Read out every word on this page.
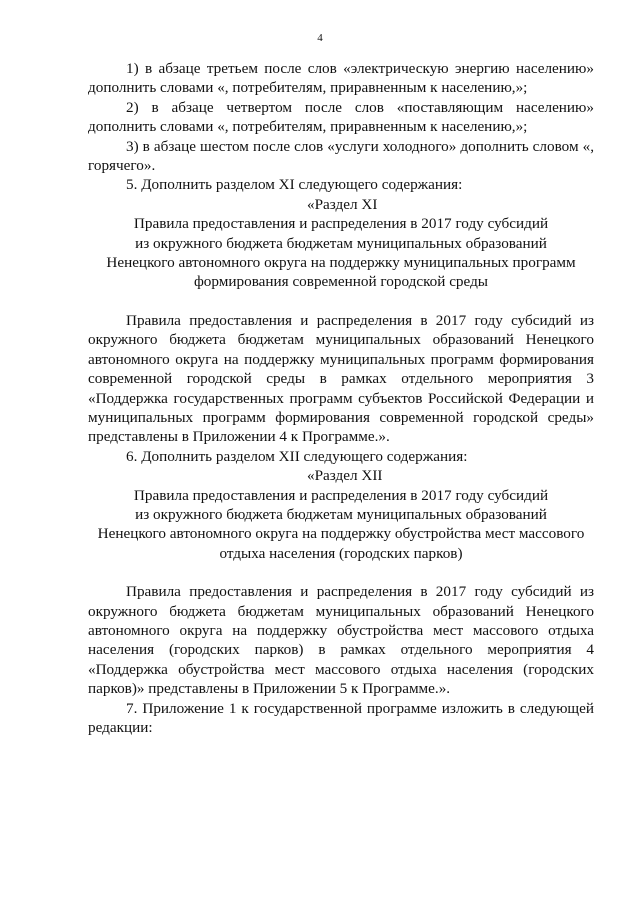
4

1) в абзаце третьем после слов «электрическую энергию населению» дополнить словами «, потребителям, приравненным к населению,»;

2) в абзаце четвертом после слов «поставляющим населению» дополнить словами «, потребителям, приравненным к населению,»;

3) в абзаце шестом после слов «услуги холодного» дополнить словом «, горячего».

5. Дополнить разделом XI следующего содержания:

«Раздел XI

Правила предоставления и распределения в 2017 году субсидий

из окружного бюджета бюджетам муниципальных образований

Ненецкого автономного округа на поддержку муниципальных программ

формирования современной городской среды

Правила предоставления и распределения в 2017 году субсидий из окружного бюджета бюджетам муниципальных образований Ненецкого автономного округа на поддержку муниципальных программ формирования современной городской среды в рамках отдельного мероприятия 3 «Поддержка государственных программ субъектов Российской Федерации и муниципальных программ формирования современной городской среды» представлены в Приложении 4 к Программе.».

6. Дополнить разделом XII следующего содержания:

«Раздел XII

Правила предоставления и распределения в 2017 году субсидий

из окружного бюджета бюджетам муниципальных образований

Ненецкого автономного округа на поддержку обустройства мест массового

отдыха населения (городских парков)

Правила предоставления и распределения в 2017 году субсидий из окружного бюджета бюджетам муниципальных образований Ненецкого автономного округа на поддержку обустройства мест массового отдыха населения (городских парков) в рамках отдельного мероприятия 4 «Поддержка обустройства мест массового отдыха населения (городских парков)» представлены в Приложении 5 к Программе.».

7. Приложение 1 к государственной программе изложить в следующей редакции:
